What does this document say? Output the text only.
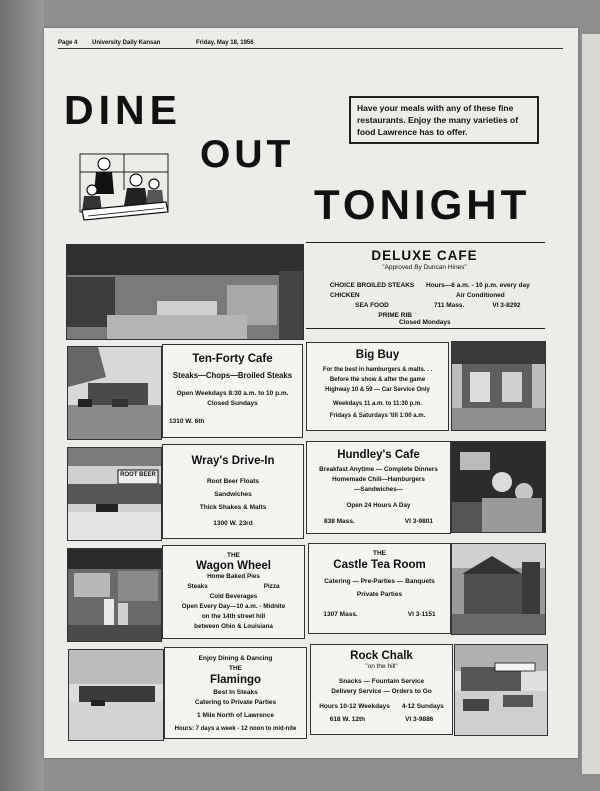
Page 4 University Daily Kansan	Friday, May 18, 1956
DINE
OUT
TONIGHT
Have your meals with any of these fine restaurants. Enjoy the many varieties of food Lawrence has to offer.
DELUXE CAFE
"Approved By Duncan Hines"
CHOICE BROILED STEAKS
CHICKEN
SEA FOOD
PRIME RIB
Hours—6 a.m. - 10 p.m. every day
Air Conditioned
711 Mass.	VI 3-8292
Closed Mondays
Ten-Forty Cafe
Steaks—Chops—Broiled Steaks
Open Weekdays 8:30 a.m. to 10 p.m.
Closed Sundays
1310 W. 6th
Big Buy
For the best in hamburgers & malts. . .
Before the show & after the game
Highway 10 & 59 — Car Service Only
Weekdays 11 a.m. to 11:30 p.m.
Fridays & Saturdays 'till 1:00 a.m.
ROOT BEER
Wray's Drive-In
Root Beer Floats
Sandwiches
Thick Shakes & Malts
1300 W. 23rd
Hundley's Cafe
Breakfast Anytime — Complete Dinners
Homemade Chili—Hamburgers
—Sandwiches—
Open 24 Hours A Day
838 Mass.	VI 3-9801
THE
Wagon Wheel
Home Baked Pies
Steaks	Pizza
Cold Beverages
Open Every Day—10 a.m. - Midnite
on the 14th street hill
between Ohio & Louisiana
THE
Castle Tea Room
Catering — Pre-Parties — Banquets
Private Parties
1307 Mass.	VI 3-1151
Enjoy Dining & Dancing
THE
Flamingo
Best In Steaks
Catering to Private Parties
1 Mile North of Lawrence
Hours: 7 days a week - 12 noon to mid-nite
Rock Chalk
"on the hill"
Snacks — Fountain Service
Delivery Service — Orders to Go
Hours 10-12 Weekdays 4-12 Sundays
618 W. 12th	VI 3-9886
